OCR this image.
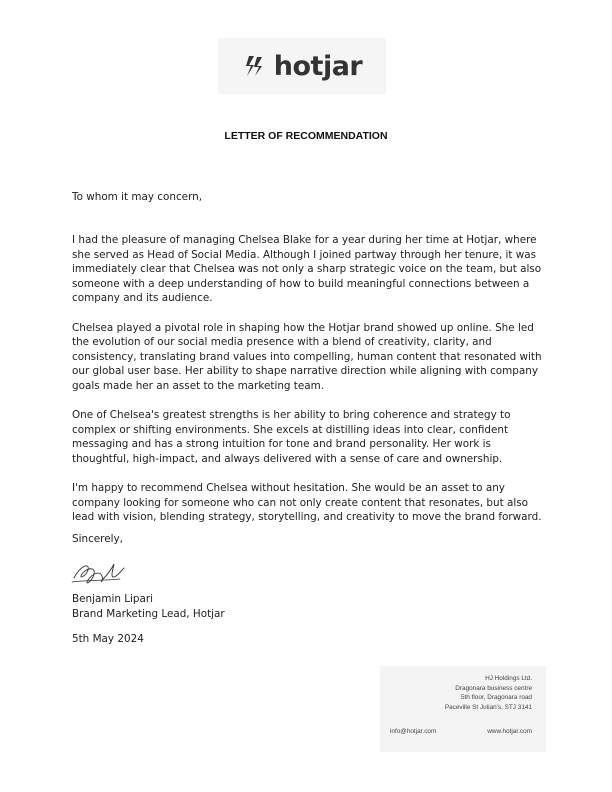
hotjar
LETTER OF RECOMMENDATION
To whom it may concern,

I had the pleasure of managing Chelsea Blake for a year during her time at Hotjar, where she served as Head of Social Media. Although I joined partway through her tenure, it was immediately clear that Chelsea was not only a sharp strategic voice on the team, but also someone with a deep understanding of how to build meaningful connections between a company and its audience.

Chelsea played a pivotal role in shaping how the Hotjar brand showed up online. She led the evolution of our social media presence with a blend of creativity, clarity, and consistency, translating brand values into compelling, human content that resonated with our global user base. Her ability to shape narrative direction while aligning with company goals made her an asset to the marketing team.

One of Chelsea's greatest strengths is her ability to bring coherence and strategy to complex or shifting environments. She excels at distilling ideas into clear, confident messaging and has a strong intuition for tone and brand personality. Her work is thoughtful, high-impact, and always delivered with a sense of care and ownership.

I'm happy to recommend Chelsea without hesitation. She would be an asset to any company looking for someone who can not only create content that resonates, but also lead with vision, blending strategy, storytelling, and creativity to move the brand forward.

Sincerely,
Benjamin Lipari
Brand Marketing Lead, Hotjar
5th May 2024
HJ Holdings Ltd.
Dragonara business centre
5th floor, Dragonara road
Paceville St Julian's, STJ 3141
info@hotjar.com	www.hotjar.com
